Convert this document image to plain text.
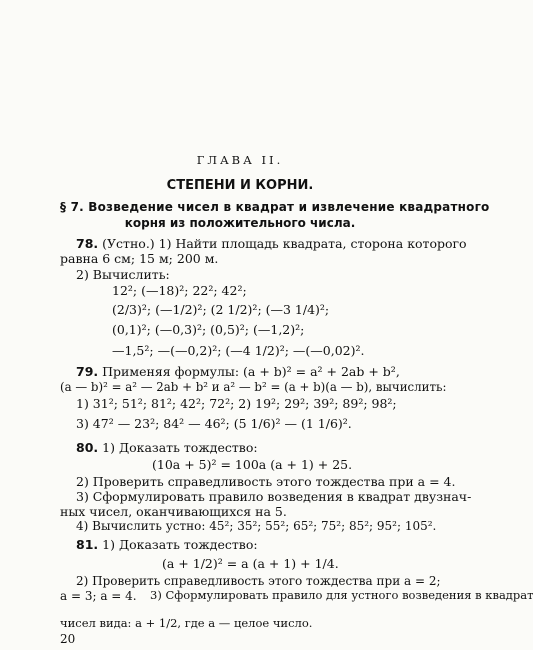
ГЛАВА II.
СТЕПЕНИ И КОРНИ.
§ 7. Возведение чисел в квадрат и извлечение квадратного
корня из положительного числа.
78. (Устно.) 1) Найти площадь квадрата, сторона которого
равна 6 см; 15 м; 200 м.
2) Вычислить:
12²; (—18)²; 22²; 42²;
(2/3)²; (—1/2)²; (2 1/2)²; (—3 1/4)²;
(0,1)²; (—0,3)²; (0,5)²; (—1,2)²;
—1,5²; —(—0,2)²; (—4 1/2)²; —(—0,02)².
79. Применяя формулы: (a + b)² = a² + 2ab + b²,
(a — b)² = a² — 2ab + b² и a² — b² = (a + b)(a — b), вычислить:
1) 31²; 51²; 81²; 42²; 72²; 2) 19²; 29²; 39²; 89²; 98²;
3) 47² — 23²; 84² — 46²; (5 1/6)² — (1 1/6)².
80. 1) Доказать тождество:
(10a + 5)² = 100a (a + 1) + 25.
2) Проверить справедливость этого тождества при a = 4.
3) Сформулировать правило возведения в квадрат двузнач-
ных чисел, оканчивающихся на 5.
4) Вычислить устно: 45²; 35²; 55²; 65²; 75²; 85²; 95²; 105².
81. 1) Доказать тождество:
(a + 1/2)² = a (a + 1) + 1/4.
2) Проверить справедливость этого тождества при a = 2;
20
a = 3; a = 4. 3) Сформулировать правило для устного возведения в квадрат
чисел вида: a + 1/2, где a — целое число.
